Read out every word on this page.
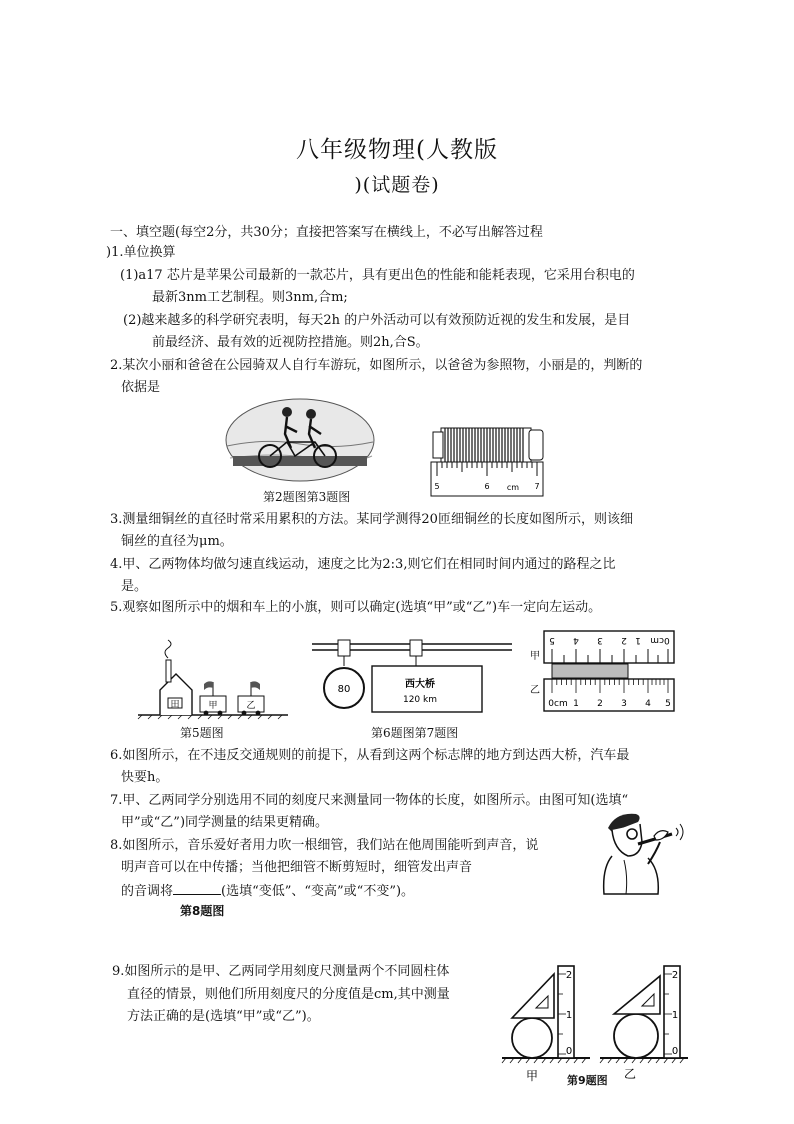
八年级物理(人教版
)(试题卷)
一、填空题(每空2分，共30分；直接把答案写在横线上，不必写出解答过程
)1.单位换算
(1)a17 芯片是苹果公司最新的一款芯片，具有更出色的性能和能耗表现，它采用台积电的
最新3nm工艺制程。则3nm,合m;
(2)越来越多的科学研究表明，每天2h 的户外活动可以有效预防近视的发生和发展，是目
前最经济、最有效的近视防控措施。则2h,合S。
2.某次小丽和爸爸在公园骑双人自行车游玩，如图所示，以爸爸为参照物，小丽是的，判断的
依据是
5	6 cm 7
第2题图第3题图
3.测量细铜丝的直径时常采用累积的方法。某同学测得20匝细铜丝的长度如图所示，则该细
铜丝的直径为μm。
4.甲、乙两物体均做匀速直线运动，速度之比为2:3,则它们在相同时间内通过的路程之比
是。
5.观察如图所示中的烟和车上的小旗，则可以确定(选填“甲”或“乙”)车一定向左运动。
田	甲	乙
第5题图
80	西大桥
120 km
甲
乙
5 4 3 2 1 0cm
0cm 1 2 3 4 5
第6题图第7题图
6.如图所示，在不违反交通规则的前提下，从看到这两个标志牌的地方到达西大桥，汽车最
快要h。
7.甲、乙两同学分别选用不同的刻度尺来测量同一物体的长度，如图所示。由图可知(选填“
甲”或“乙”)同学测量的结果更精确。
8.如图所示，音乐爱好者用力吹一根细管，我们站在他周围能听到声音，说
明声音可以在中传播；当他把细管不断剪短时，细管发出声音
的音调将	(选填“变低”、“变高”或“不变”)。
第8题图
9.如图所示的是甲、乙两同学用刻度尺测量两个不同圆柱体
直径的情景，则他们所用刻度尺的分度值是cm,其中测量
方法正确的是(选填“甲”或“乙”)。
2
1
0
甲
2
1
0
乙
第9题图
